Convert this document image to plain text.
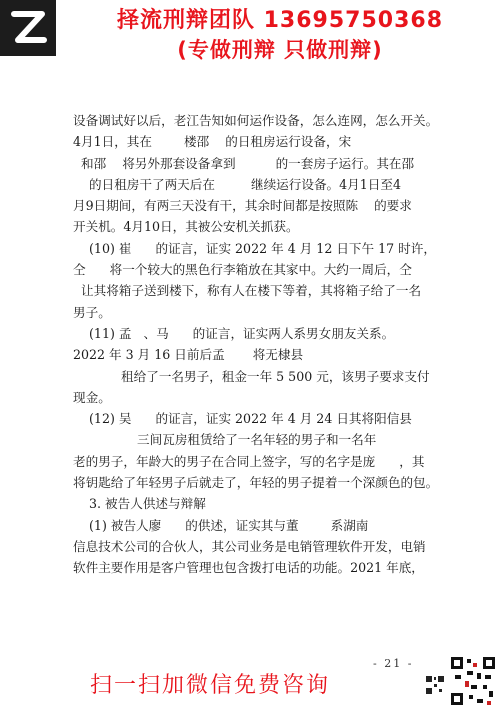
择流刑辩团队 13695750368
(专做刑辩 只做刑辩)

设备调试好以后，老江告知如何运作设备，怎么连网，怎么开关。

4月1日，其在        楼邵    的日租房运行设备，宋

和邵    将另外那套设备拿到          的一套房子运行。其在邵

的日租房干了两天后在         继续运行设备。4月1日至4

月9日期间，有两三天没有干，其余时间都是按照陈    的要求

开关机。4月10日，其被公安机关抓获。

(10) 崔      的证言，证实 2022 年 4 月 12 日下午 17 时许，

仝      将一个较大的黑色行李箱放在其家中。大约一周后，仝

让其将箱子送到楼下，称有人在楼下等着，其将箱子给了一名

男子。

(11) 孟   、马      的证言，证实两人系男女朋友关系。

2022 年 3 月 16 日前后孟       将无棣县

租给了一名男子，租金一年 5 500 元，该男子要求支付

现金。

(12) 吴      的证言，证实 2022 年 4 月 24 日其将阳信县

三间瓦房租赁给了一名年轻的男子和一名年

老的男子，年龄大的男子在合同上签字，写的名字是庞      ，其

将钥匙给了年轻男子后就走了，年轻的男子提着一个深颜色的包。

3. 被告人供述与辩解

(1) 被告人廖      的供述，证实其与董        系湖南

信息技术公司的合伙人，其公司业务是电销管理软件开发，电销

软件主要作用是客户管理也包含拨打电话的功能。2021 年底，

- 21 -
扫一扫加微信免费咨询
